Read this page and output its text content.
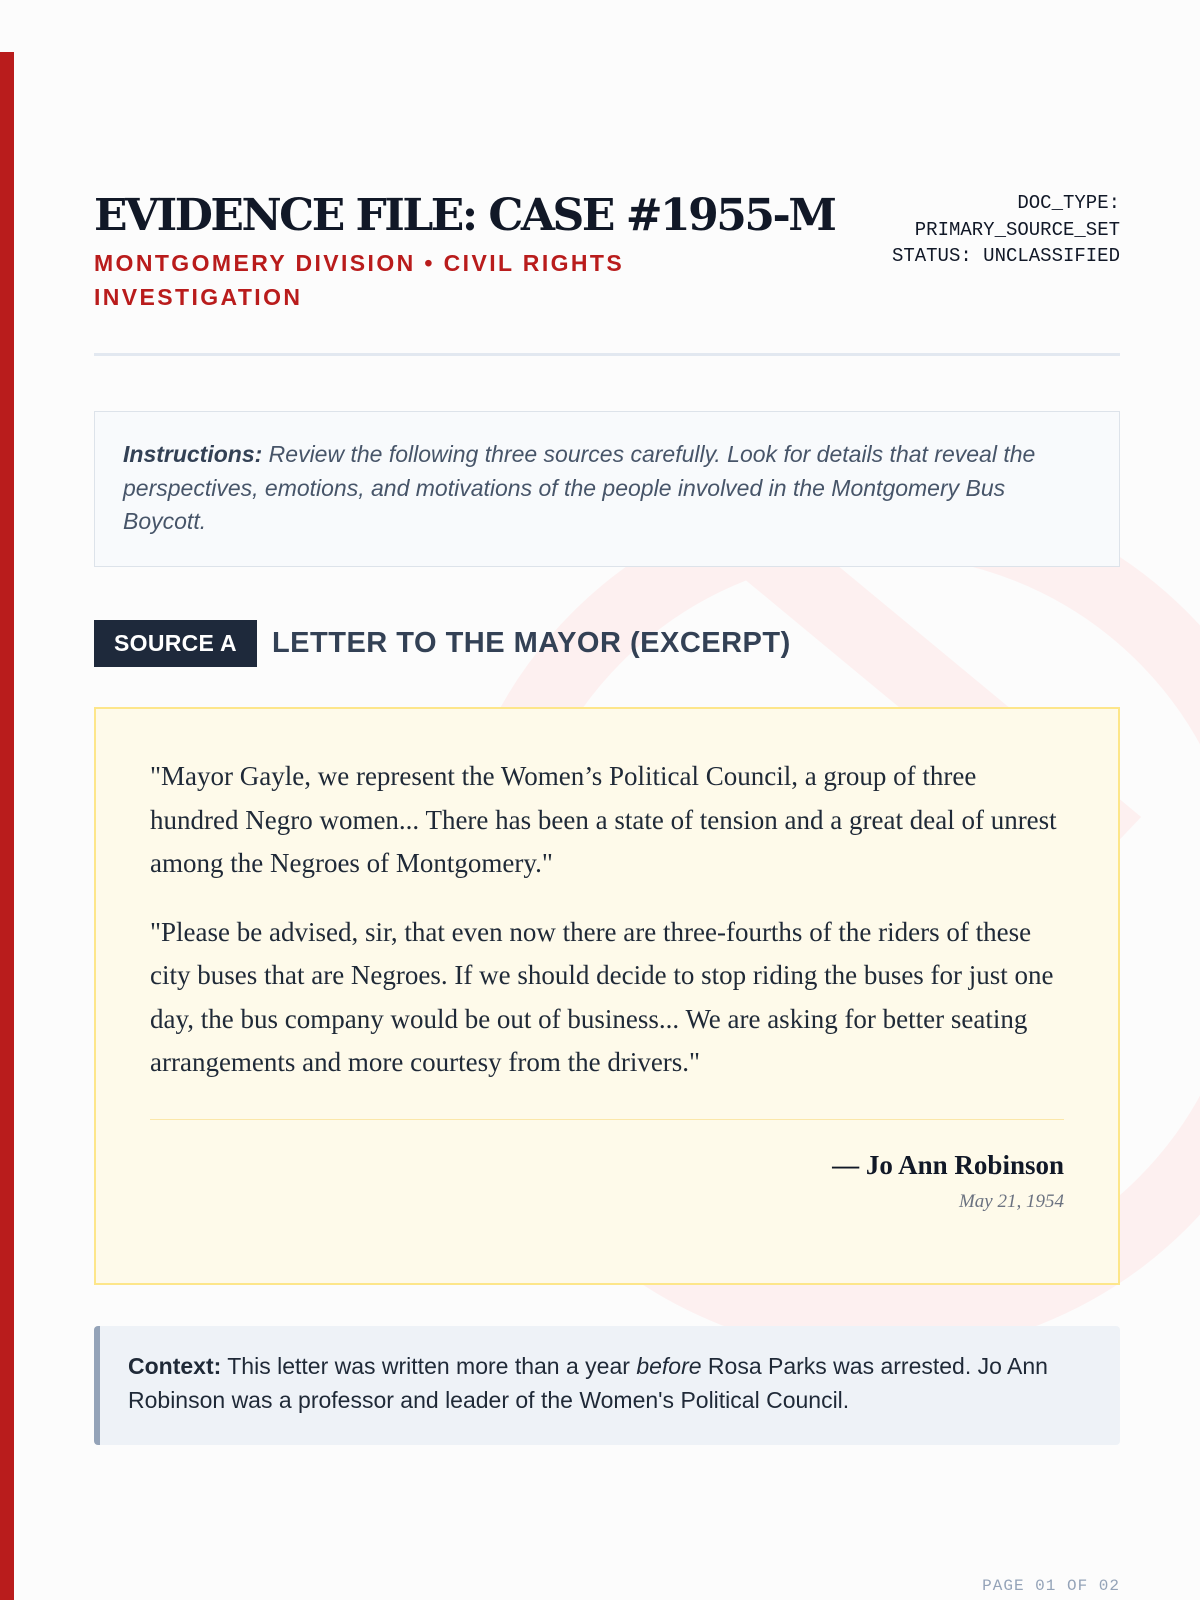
EVIDENCE FILE: CASE #1955-M
MONTGOMERY DIVISION • CIVIL RIGHTS INVESTIGATION
DOC_TYPE:
PRIMARY_SOURCE_SET
STATUS: UNCLASSIFIED
Instructions: Review the following three sources carefully. Look for details that reveal the perspectives, emotions, and motivations of the people involved in the Montgomery Bus Boycott.
SOURCE A	LETTER TO THE MAYOR (EXCERPT)

"Mayor Gayle, we represent the Women’s Political Council, a group of three hundred Negro women... There has been a state of tension and a great deal of unrest among the Negroes of Montgomery."

"Please be advised, sir, that even now there are three-fourths of the riders of these city buses that are Negroes. If we should decide to stop riding the buses for just one day, the bus company would be out of business... We are asking for better seating arrangements and more courtesy from the drivers."

— Jo Ann Robinson
May 21, 1954
Context: This letter was written more than a year before Rosa Parks was arrested. Jo Ann Robinson was a professor and leader of the Women's Political Council.
PAGE 01 OF 02
